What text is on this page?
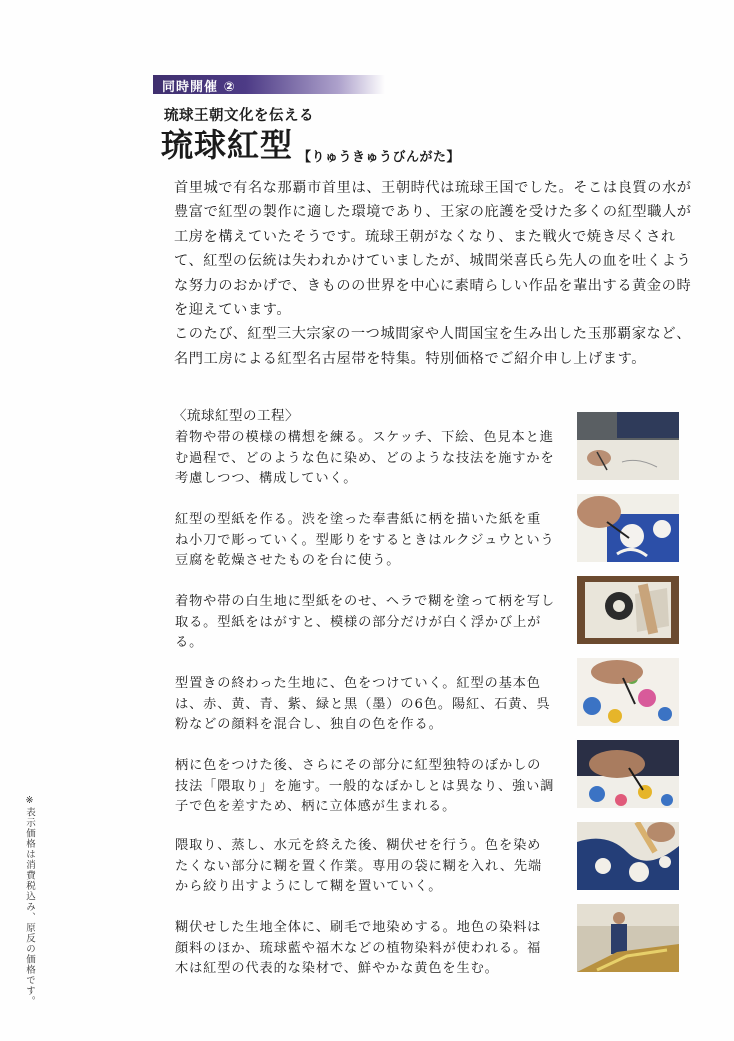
同時開催 ②
琉球王朝文化を伝える
琉球紅型 【りゅうきゅうびんがた】

首里城で有名な那覇市首里は、王朝時代は琉球王国でした。そこは良質の水が豊富で紅型の製作に適した環境であり、王家の庇護を受けた多くの紅型職人が工房を構えていたそうです。琉球王朝がなくなり、また戦火で焼き尽くされて、紅型の伝統は失われかけていましたが、城間栄喜氏ら先人の血を吐くような努力のおかげで、きものの世界を中心に素晴らしい作品を輩出する黄金の時を迎えています。

このたび、紅型三大宗家の一つ城間家や人間国宝を生み出した玉那覇家など、名門工房による紅型名古屋帯を特集。特別価格でご紹介申し上げます。

〈琉球紅型の工程〉
着物や帯の模様の構想を練る。スケッチ、下絵、色見本と進む過程で、どのような色に染め、どのような技法を施すかを考慮しつつ、構成していく。
紅型の型紙を作る。渋を塗った奉書紙に柄を描いた紙を重ね小刀で彫っていく。型彫りをするときはルクジュウという豆腐を乾燥させたものを台に使う。
着物や帯の白生地に型紙をのせ、ヘラで糊を塗って柄を写し取る。型紙をはがすと、模様の部分だけが白く浮かび上がる。
型置きの終わった生地に、色をつけていく。紅型の基本色は、赤、黄、青、紫、緑と黒（墨）の6色。陽紅、石黄、呉粉などの顔料を混合し、独自の色を作る。
柄に色をつけた後、さらにその部分に紅型独特のぼかしの技法「隈取り」を施す。一般的なぼかしとは異なり、強い調子で色を差すため、柄に立体感が生まれる。
隈取り、蒸し、水元を終えた後、糊伏せを行う。色を染めたくない部分に糊を置く作業。専用の袋に糊を入れ、先端から絞り出すようにして糊を置いていく。
糊伏せした生地全体に、刷毛で地染めする。地色の染料は顔料のほか、琉球藍や福木などの植物染料が使われる。福木は紅型の代表的な染材で、鮮やかな黄色を生む。
※表示価格は消費税込み、原反の価格です。
